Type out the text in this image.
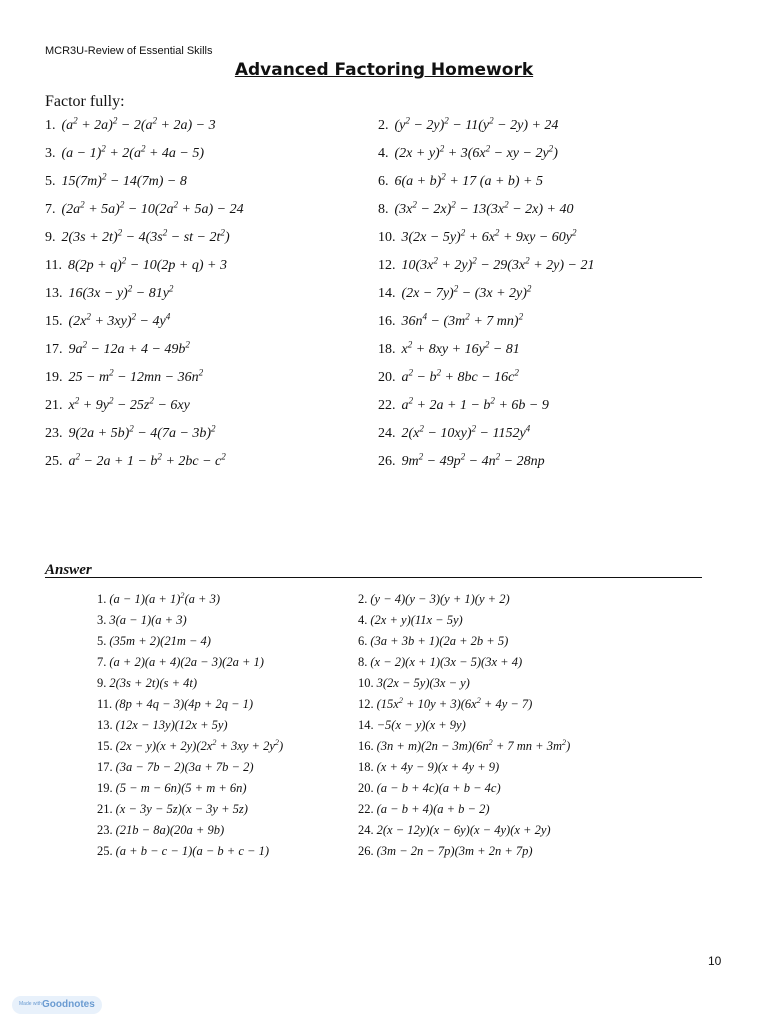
MCR3U-Review of Essential Skills
Advanced Factoring Homework
Factor fully:
1. $(a^2 + 2a)^2 - 2(a^2 + 2a) - 3$	2. $(y^2 - 2y)^2 - 11(y^2 - 2y) + 24$
3. $(a - 1)^2 + 2(a^2 + 4a - 5)$	4. $(2x + y)^2 + 3(6x^2$ − xy − $2y^2$)
5. $15(7m)^2 - 14(7m) - 8$	6. $6(a + b)^2 + 17$ (a + b) + 5
7. $(2a^2 + 5a)^2 - 10(2a^2 + 5a) - 24$	8. $(3x^2 - 2x)^2 - 13(3x^2 - 2x) + 40$
9. $2(3s + 2t)^2 - 4(3s^2$ − st − $2t^2$)	10. $3(2x - 5y)^2 + 6x^2 + 9xy - 60y^2$
11. $8(2p + q)^2 - 10(2p + q) + 3$	12. $10(3x^2 + 2y)^2 - 29(3x^2 + 2y) - 21$
13. $16(3x - y)^2 - 81y^2$	14. $(2x - 7y)^2 - (3x + 2y)^2$
15. $(2x^2 + 3xy)^2 - 4y^4$	16. $36n^4 - (3m^2 + 7$ mn)$^2$
17. $9a^2 - 12a + 4 - 49b^2$	18. $x^2 + 8xy + 16y^2 - 81$
19. $25 - m^2 - 12mn - 36n^2$	20. $a^2 - b^2 + 8bc - 16c^2$
21. $x^2 + 9y^2 - 25z^2 - 6xy$	22. $a^2 + 2a + 1 - b^2 + 6b - 9$
23. $9(2a + 5b)^2 - 4(7a - 3b)^2$	24. $2(x^2 - 10xy)^2 - 1152y^4$
25. $a^2 - 2a + 1 - b^2 + 2bc - c^2$	26. $9m^2 - 49p^2 - 4n^2 - 28np$
Answer
1. $(a - 1)(a + 1)^2(a + 3)$	2. (y − 4)(y − 3)(y + 1)(y + 2)
3. 3(a − 1)(a + 3)	4. (2x + y)(11x − 5y)
5. (35m + 2)(21m − 4)	6. (3a + 3b + 1)(2a + 2b + 5)
7. (a + 2)(a + 4)(2a − 3)(2a + 1)	8. (x − 2)(x + 1)(3x − 5)(3x + 4)
9. 2(3s + 2t)(s + 4t)	10. 3(2x − 5y)(3x − y)
11. (8p + 4q − 3)(4p + 2q − 1)	12. $(15x^2 + 10y + 3)(6x^2 + 4y - 7)$
13. (12x − 13y)(12x + 5y)	14. −5(x − y)(x + 9y)
15. $(2x - y)(x + 2y)(2x^2 + 3xy + 2y^2)$	16. $(3n + m)(2n - 3m)(6n^2 + 7$ mn + $3m^2$)
17. (3a − 7b − 2)(3a + 7b − 2)	18. (x + 4y − 9)(x + 4y + 9)
19. (5 − m − 6n)(5 + m + 6n)	20. (a − b + 4c)(a + b − 4c)
21. (x − 3y − 5z)(x − 3y + 5z)	22. (a − b + 4)(a + b − 2)
23. (21b − 8a)(20a + 9b)	24. 2(x − 12y)(x − 6y)(x − 4y)(x + 2y)
25. (a + b − c − 1)(a − b + c − 1)	26. (3m − 2n − 7p)(3m + 2n + 7p)
10
Made with Goodnotes
